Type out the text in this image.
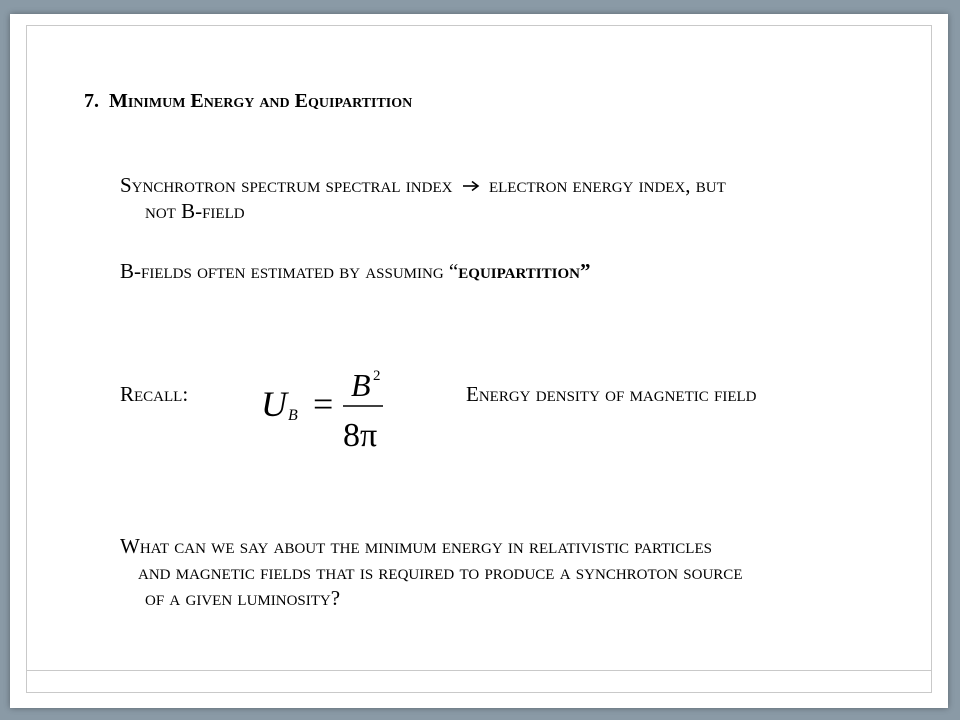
7. Minimum Energy and Equipartition
Synchrotron spectrum spectral index electron energy index, but
not B-field
B-fields often estimated by assuming “equipartition”
Recall: U B = B 2
8π
Energy density of magnetic field
What can we say about the minimum energy in relativistic particles
and magnetic fields that is required to produce a synchroton source
of a given luminosity?
